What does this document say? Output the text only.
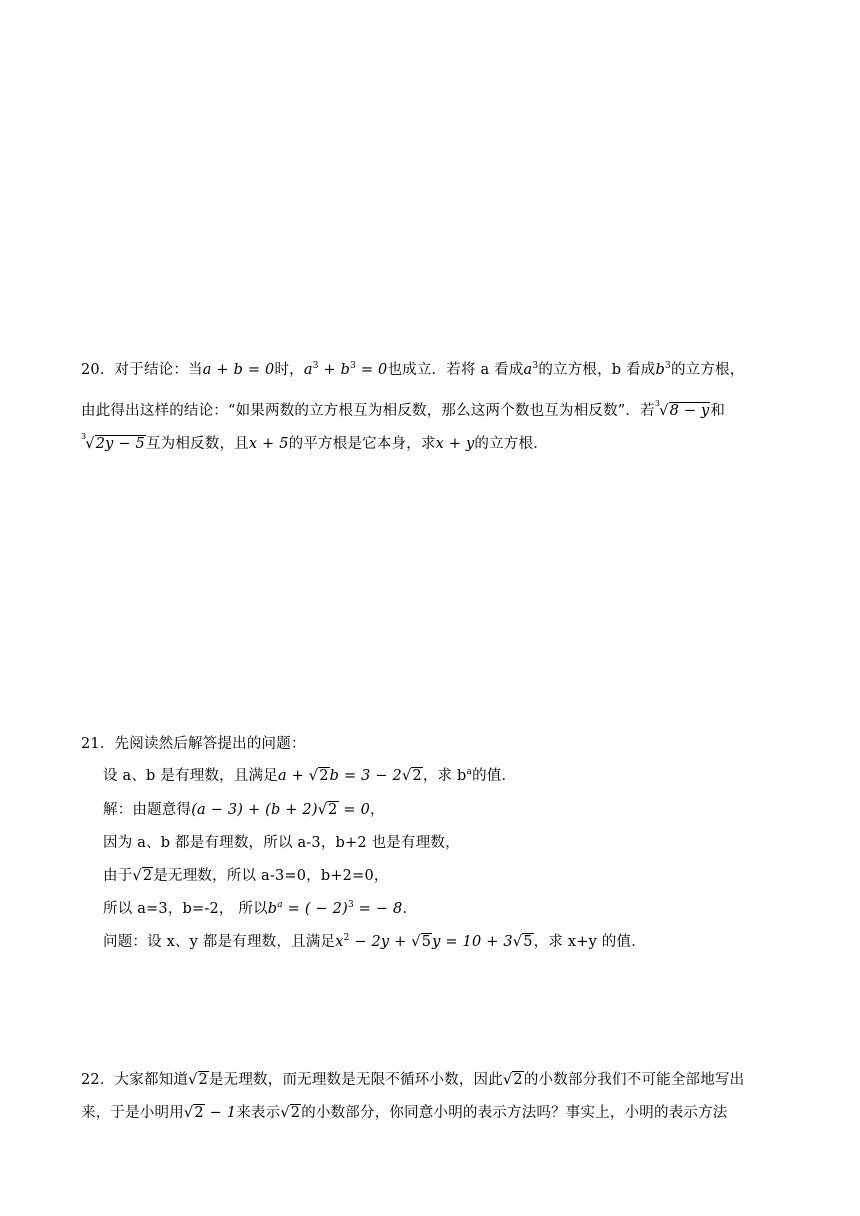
20．对于结论：当𝑎 + 𝑏 = 0时，𝑎$^3$ + 𝑏$^3$ = 0也成立．若将 a 看成𝑎$^3$的立方根，b 看成𝑏$^3$的立方根，
由此得出这样的结论：“如果两数的立方根互为相反数，那么这两个数也互为相反数”．若$^3$√8 − 𝑦和
$^3$√2𝑦 − 5互为相反数，且𝑥 + 5的平方根是它本身，求𝑥 + 𝑦的立方根．
21．先阅读然后解答提出的问题：
设 a、b 是有理数，且满足𝑎 + √2𝑏 = 3 − 2√2，求 $b^a$的值．
解：由题意得(𝑎 − 3) + (𝑏 + 2)√2 = 0，
因为 a、b 都是有理数，所以 a-3，b+2 也是有理数，
由于√2是无理数，所以 a-3=0，b+2=0，
所以 a=3，b=-2， 所以𝑏$^𝑎$ = ( − 2)$^3$ = − 8．
问题：设 x、y 都是有理数，且满足𝑥$^2$ − 2𝑦 + √5𝑦 = 10 + 3√5，求 x+y 的值．
22．大家都知道√2是无理数，而无理数是无限不循环小数，因此√2的小数部分我们不可能全部地写出
来，于是小明用√2 − 1来表示√2的小数部分，你同意小明的表示方法吗？事实上，小明的表示方法
